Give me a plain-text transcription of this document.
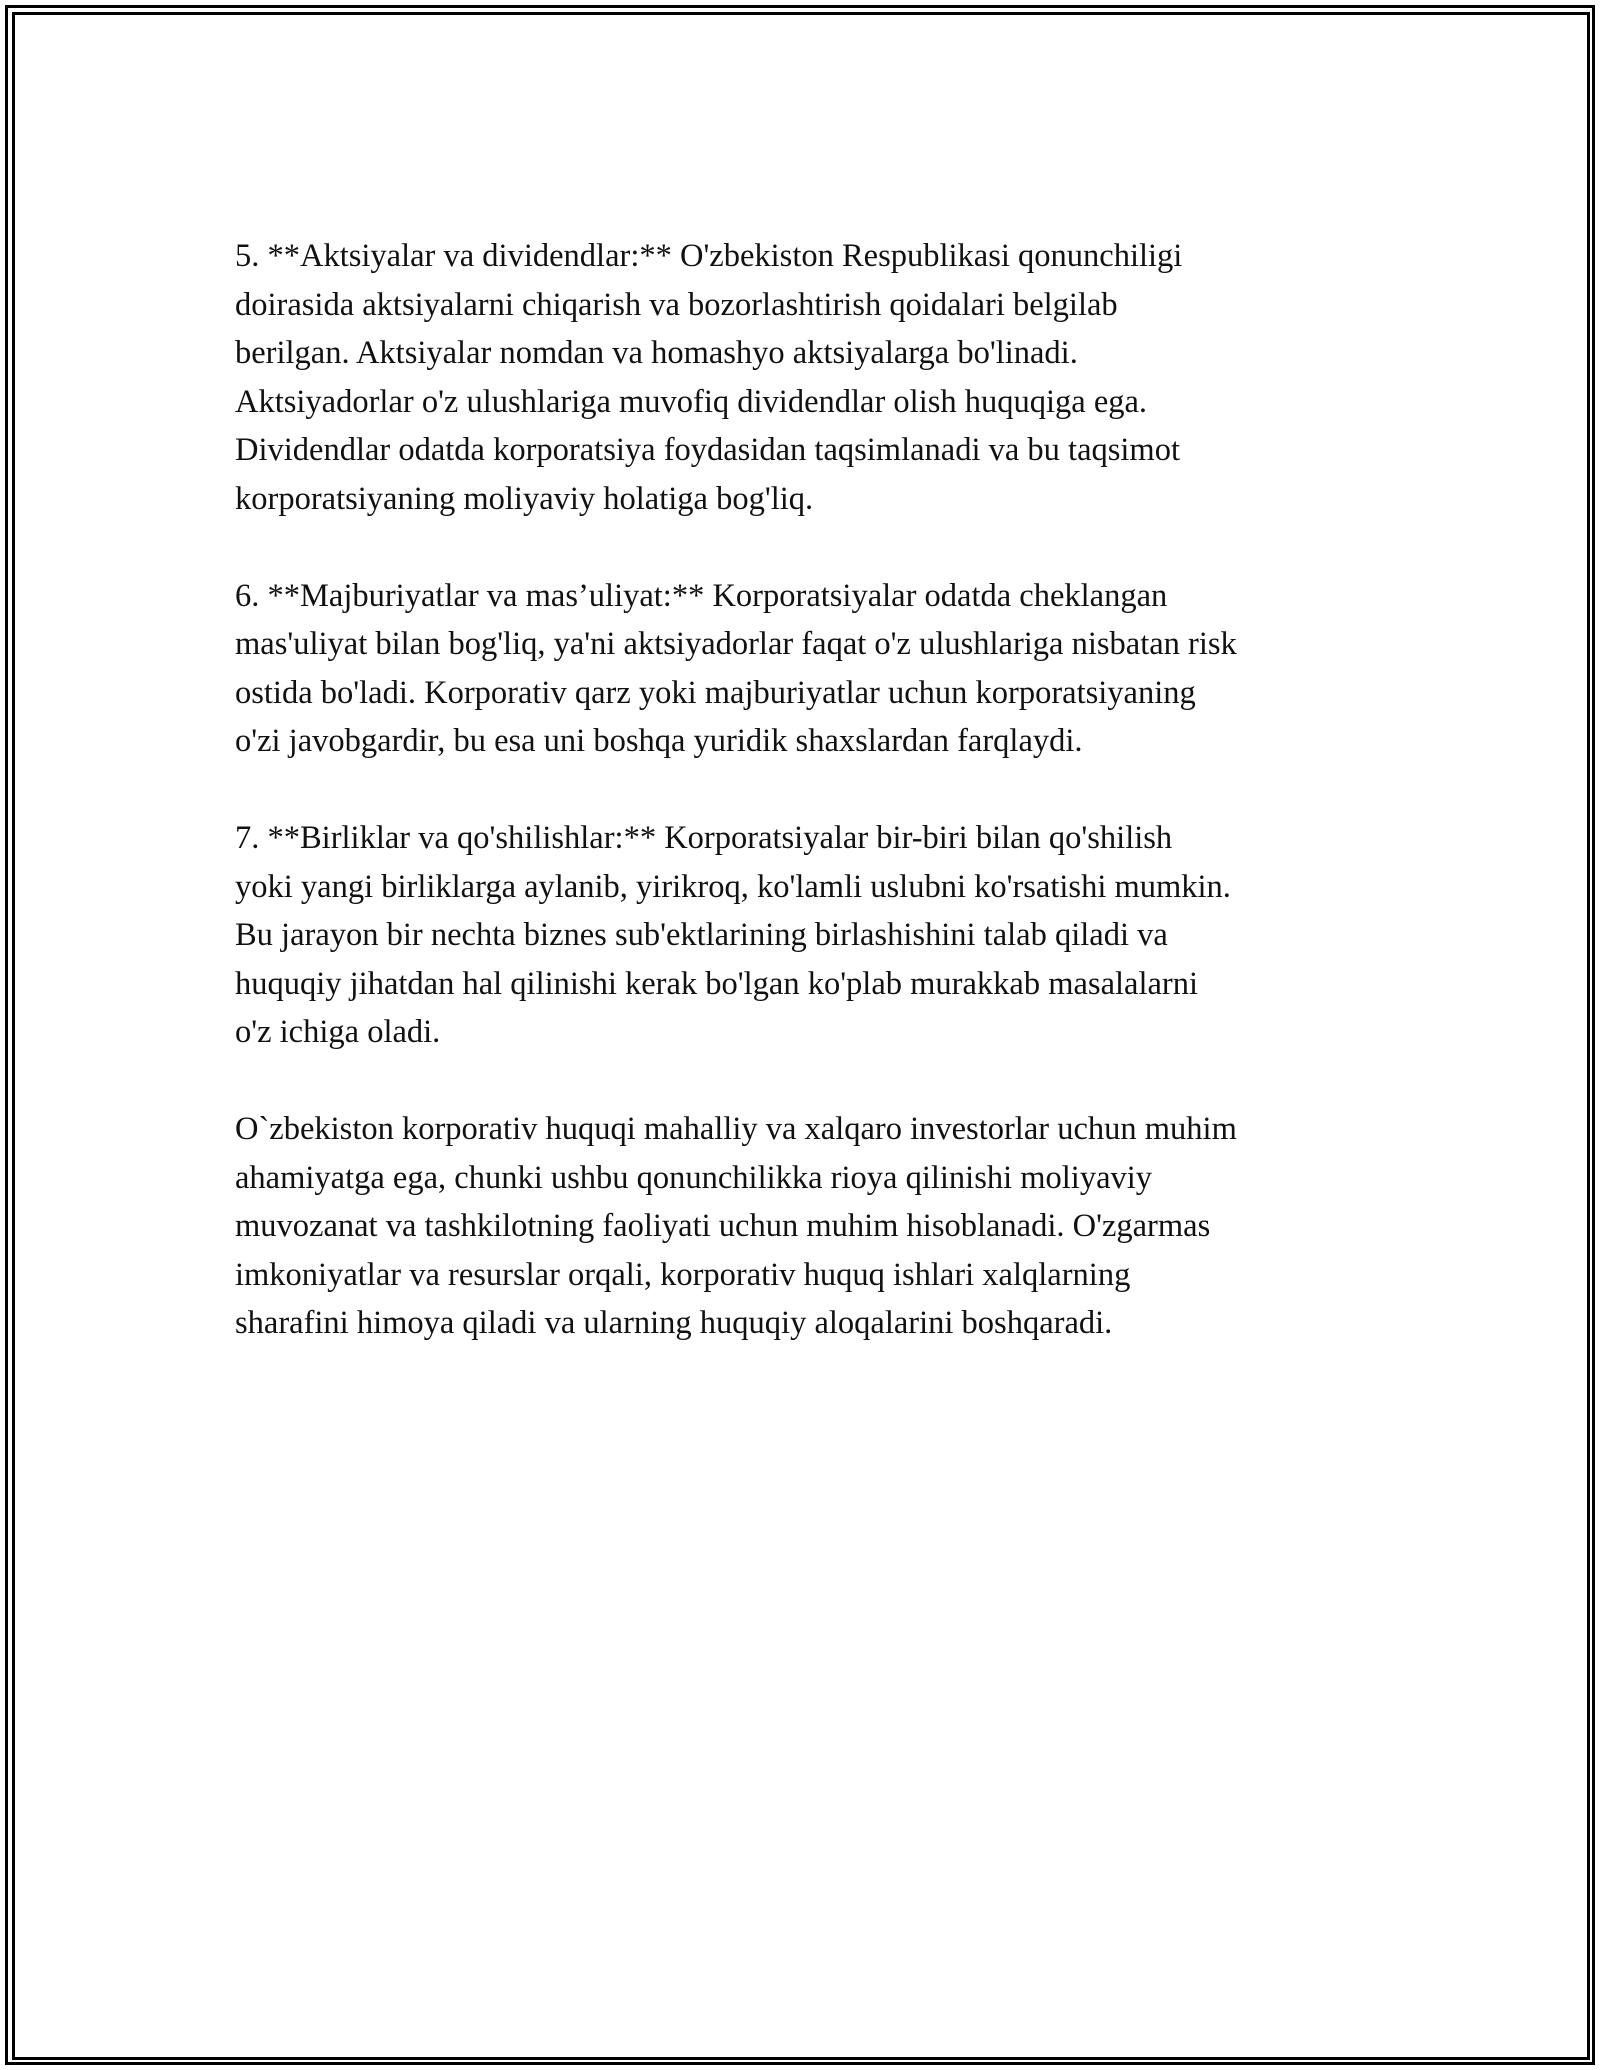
5. **Aktsiyalar va dividendlar:** O'zbekiston Respublikasi qonunchiligi
doirasida aktsiyalarni chiqarish va bozorlashtirish qoidalari belgilab
berilgan. Aktsiyalar nomdan va homashyo aktsiyalarga bo'linadi.
Aktsiyadorlar o'z ulushlariga muvofiq dividendlar olish huquqiga ega.
Dividendlar odatda korporatsiya foydasidan taqsimlanadi va bu taqsimot
korporatsiyaning moliyaviy holatiga bog'liq.

6. **Majburiyatlar va mas’uliyat:** Korporatsiyalar odatda cheklangan
mas'uliyat bilan bog'liq, ya'ni aktsiyadorlar faqat o'z ulushlariga nisbatan risk
ostida bo'ladi. Korporativ qarz yoki majburiyatlar uchun korporatsiyaning
o'zi javobgardir, bu esa uni boshqa yuridik shaxslardan farqlaydi.

7. **Birliklar va qo'shilishlar:** Korporatsiyalar bir-biri bilan qo'shilish
yoki yangi birliklarga aylanib, yirikroq, ko'lamli uslubni ko'rsatishi mumkin.
Bu jarayon bir nechta biznes sub'ektlarining birlashishini talab qiladi va
huquqiy jihatdan hal qilinishi kerak bo'lgan ko'plab murakkab masalalarni
o'z ichiga oladi.

O`zbekiston korporativ huquqi mahalliy va xalqaro investorlar uchun muhim
ahamiyatga ega, chunki ushbu qonunchilikka rioya qilinishi moliyaviy
muvozanat va tashkilotning faoliyati uchun muhim hisoblanadi. O'zgarmas
imkoniyatlar va resurslar orqali, korporativ huquq ishlari xalqlarning
sharafini himoya qiladi va ularning huquqiy aloqalarini boshqaradi.
